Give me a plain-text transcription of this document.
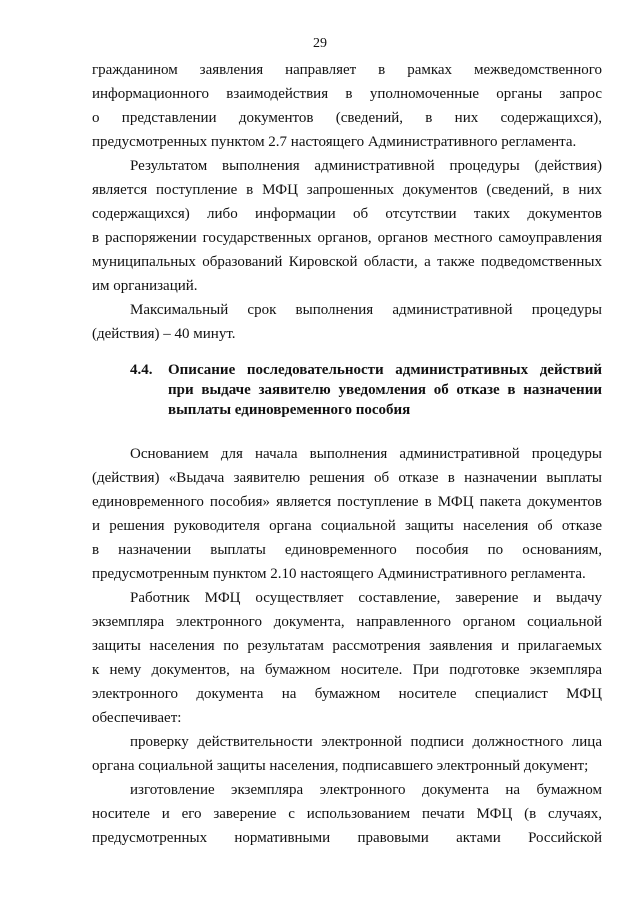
29
гражданином заявления направляет в рамках межведомственного
информационного взаимодействия в уполномоченные органы запрос
о представлении документов (сведений, в них содержащихся),
предусмотренных пунктом 2.7 настоящего Административного регламента.
Результатом выполнения административной процедуры (действия)
является поступление в МФЦ запрошенных документов (сведений, в них
содержащихся) либо информации об отсутствии таких документов
в распоряжении государственных органов, органов местного самоуправления
муниципальных образований Кировской области, а также подведомственных
им организаций.
Максимальный срок выполнения административной процедуры
(действия) – 40 минут.
4.4. Описание последовательности административных действий
при выдаче заявителю уведомления об отказе в назначении
выплаты единовременного пособия
Основанием для начала выполнения административной процедуры
(действия) «Выдача заявителю решения об отказе в назначении выплаты
единовременного пособия» является поступление в МФЦ пакета документов
и решения руководителя органа социальной защиты населения об отказе
в назначении выплаты единовременного пособия по основаниям,
предусмотренным пунктом 2.10 настоящего Административного регламента.
Работник МФЦ осуществляет составление, заверение и выдачу
экземпляра электронного документа, направленного органом социальной
защиты населения по результатам рассмотрения заявления и прилагаемых
к нему документов, на бумажном носителе. При подготовке экземпляра
электронного документа на бумажном носителе специалист МФЦ
обеспечивает:
проверку действительности электронной подписи должностного лица
органа социальной защиты населения, подписавшего электронный документ;
изготовление экземпляра электронного документа на бумажном
носителе и его заверение с использованием печати МФЦ (в случаях,
предусмотренных нормативными правовыми актами Российской
